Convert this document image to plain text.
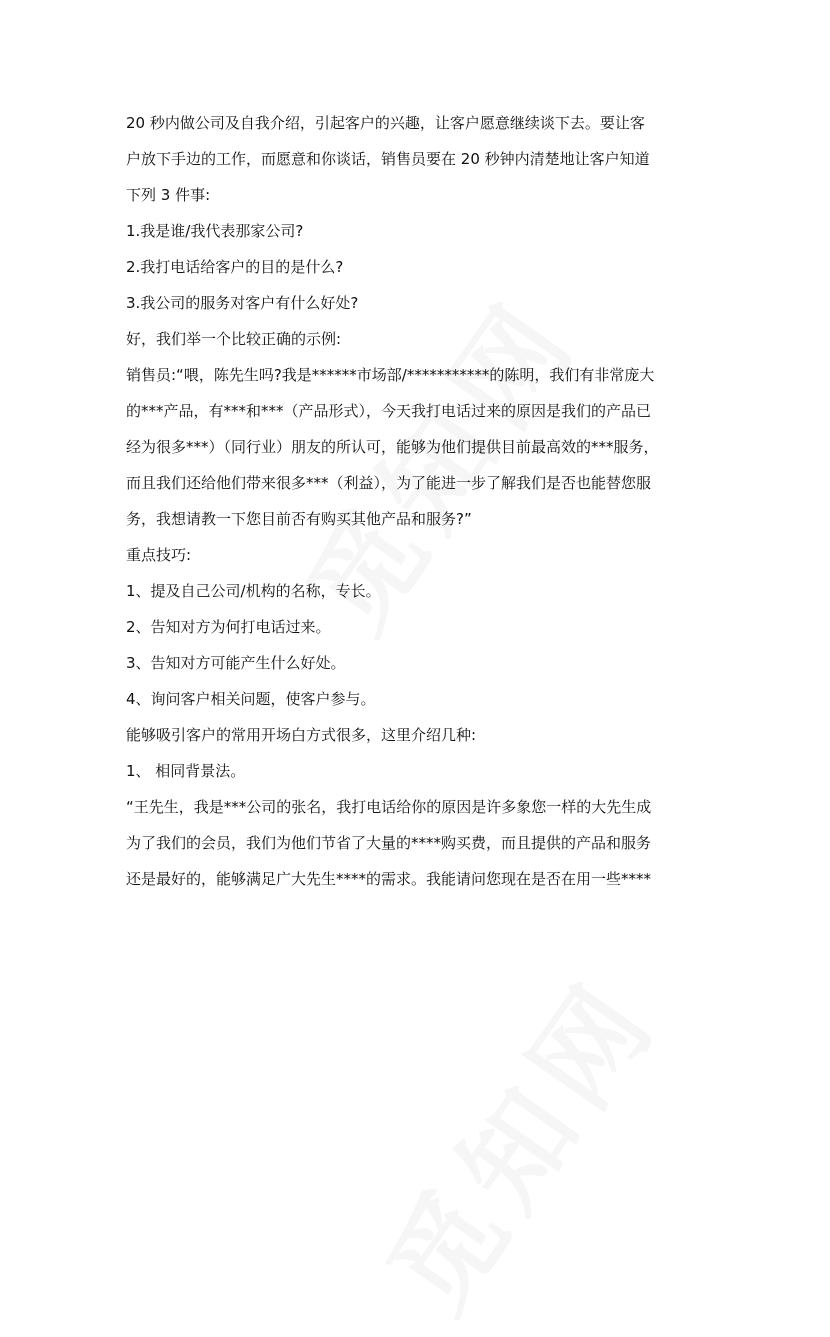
20 秒内做公司及自我介绍，引起客户的兴趣，让客户愿意继续谈下去。要让客
户放下手边的工作，而愿意和你谈话，销售员要在 20 秒钟内清楚地让客户知道
下列 3 件事:
1.我是谁/我代表那家公司?
2.我打电话给客户的目的是什么?
3.我公司的服务对客户有什么好处?
好，我们举一个比较正确的示例:
销售员:“喂，陈先生吗?我是******市场部/***********的陈明，我们有非常庞大
的***产品，有***和***（产品形式），今天我打电话过来的原因是我们的产品已
经为很多***）（同行业）朋友的所认可，能够为他们提供目前最高效的***服务，
而且我们还给他们带来很多***（利益），为了能进一步了解我们是否也能替您服
务，我想请教一下您目前否有购买其他产品和服务?”
重点技巧:
1、提及自己公司/机构的名称，专长。
2、告知对方为何打电话过来。
3、告知对方可能产生什么好处。
4、询问客户相关问题，使客户参与。
能够吸引客户的常用开场白方式很多，这里介绍几种:
1、 相同背景法。
“王先生，我是***公司的张名，我打电话给你的原因是许多象您一样的大先生成
为了我们的会员，我们为他们节省了大量的****购买费，而且提供的产品和服务
还是最好的，能够满足广大先生****的需求。我能请问您现在是否在用一些****
